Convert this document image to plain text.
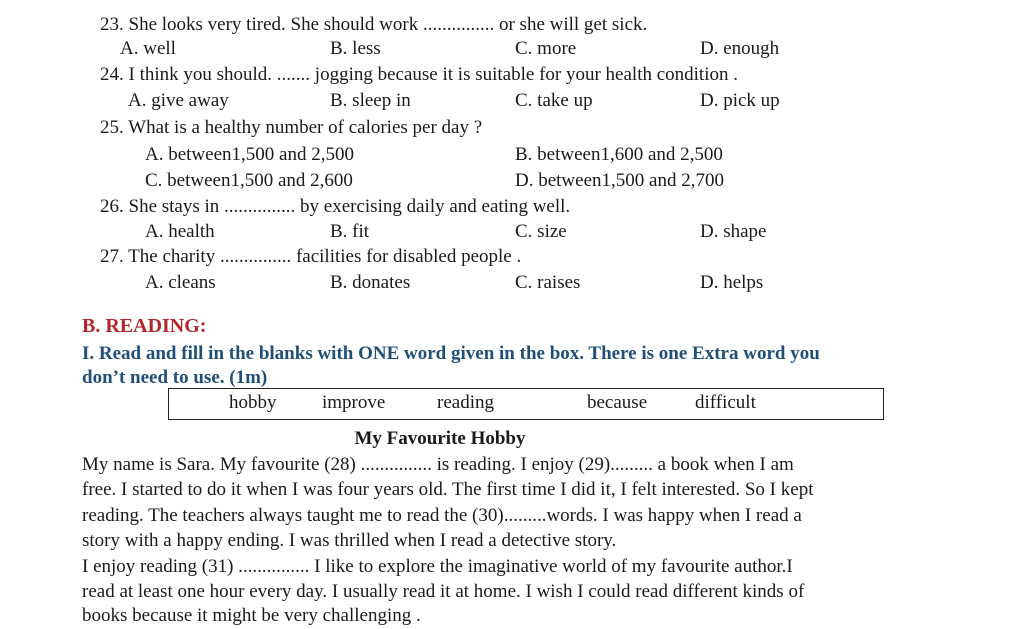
23. She looks very tired. She should work ............... or she will get sick.
A. well	B. less	C. more	D. enough
24. I think you should. ....... jogging because it is suitable for your health condition .
A. give away	B. sleep in	C. take up	D. pick up
25. What is a healthy number of calories per day ?
A. between1,500 and 2,500	B. between1,600 and 2,500
C. between1,500 and 2,600	D. between1,500 and 2,700
26. She stays in ............... by exercising daily and eating well.
A. health	B. fit	C. size	D. shape
27. The charity ............... facilities for disabled people .
A. cleans	B. donates	C. raises	D. helps
B. READING:
I. Read and fill in the blanks with ONE word given in the box. There is one Extra word you
don’t need to use. (1m)
hobby improve	reading	because	difficult
My Favourite Hobby
My name is Sara. My favourite (28) ............... is reading. I enjoy (29)......... a book when I am
free. I started to do it when I was four years old. The first time I did it, I felt interested. So I kept
reading. The teachers always taught me to read the (30).........words. I was happy when I read a
story with a happy ending. I was thrilled when I read a detective story.
I enjoy reading (31) ............... I like to explore the imaginative world of my favourite author.I
read at least one hour every day. I usually read it at home. I wish I could read different kinds of
books because it might be very challenging .
